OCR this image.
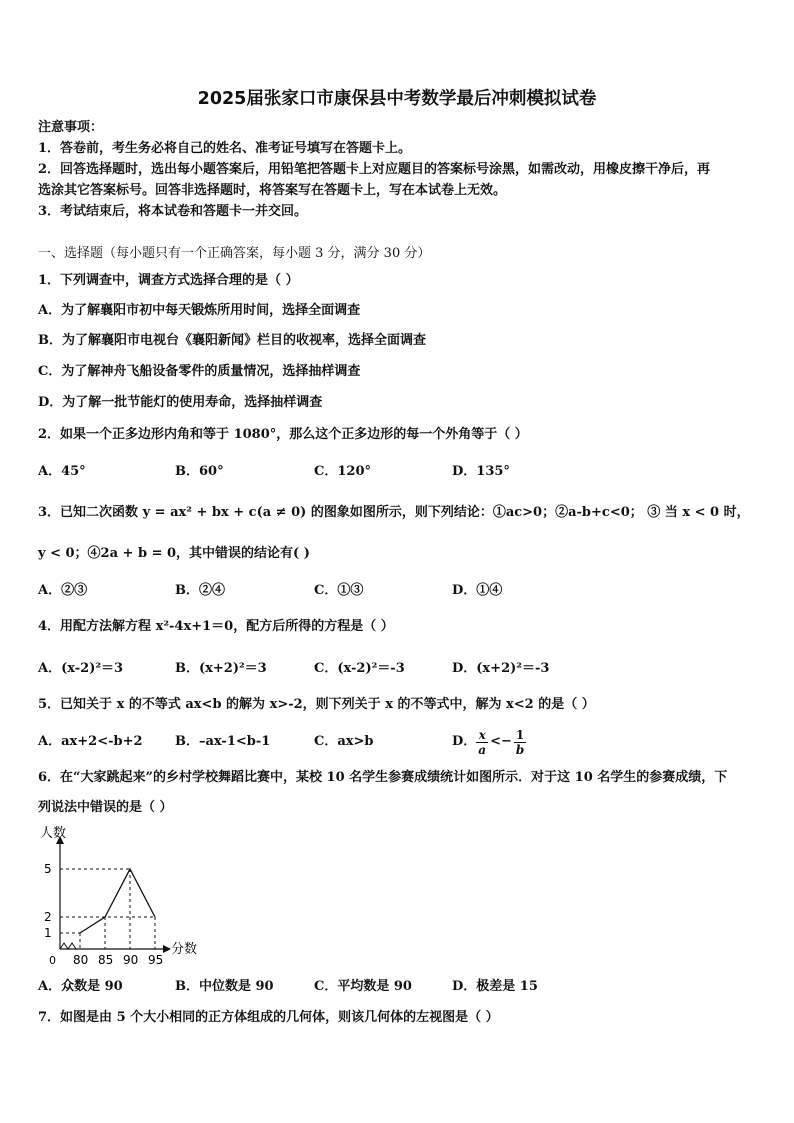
2025届张家口市康保县中考数学最后冲刺模拟试卷
注意事项：
1．答卷前，考生务必将自己的姓名、准考证号填写在答题卡上。
2．回答选择题时，选出每小题答案后，用铅笔把答题卡上对应题目的答案标号涂黑，如需改动，用橡皮擦干净后，再
选涂其它答案标号。回答非选择题时，将答案写在答题卡上，写在本试卷上无效。
3．考试结束后，将本试卷和答题卡一并交回。
一、选择题（每小题只有一个正确答案，每小题 3 分，满分 30 分）
1．下列调查中，调查方式选择合理的是（ ）
A．为了解襄阳市初中每天锻炼所用时间，选择全面调查
B．为了解襄阳市电视台《襄阳新闻》栏目的收视率，选择全面调查
C．为了解神舟飞船设备零件的质量情况，选择抽样调查
D．为了解一批节能灯的使用寿命，选择抽样调查
2．如果一个正多边形内角和等于 1080°，那么这个正多边形的每一个外角等于（ ）
A．45°	B．60°	C．120°	D．135°
3．已知二次函数 y = ax² + bx + c(a ≠ 0) 的图象如图所示，则下列结论：①ac>0；②a-b+c<0； ③ 当 x < 0 时，
y < 0；④2a + b = 0，其中错误的结论有( )
A．②③	B．②④	C．①③	D．①④
4．用配方法解方程 x²-4x+1＝0，配方后所得的方程是（ ）
A．(x-2)²＝3	B．(x+2)²＝3	C．(x-2)²＝-3	D．(x+2)²＝-3
5．已知关于 x 的不等式 ax<b 的解为 x>-2，则下列关于 x 的不等式中，解为 x<2 的是（ ）
A．ax+2<-b+2 B．–ax-1<b-1	C．ax>b	D． $\frac{x}{a} <- \frac{1}{b}$
6．在“大家跳起来”的乡村学校舞蹈比赛中，某校 10 名学生参赛成绩统计如图所示．对于这 10 名学生的参赛成绩，下
列说法中错误的是（ ）
1
2
5
80 85 90 95
人数
分数
0
A．众数是 90	B．中位数是 90	C．平均数是 90	D．极差是 15
7．如图是由 5 个大小相同的正方体组成的几何体，则该几何体的左视图是（ ）
